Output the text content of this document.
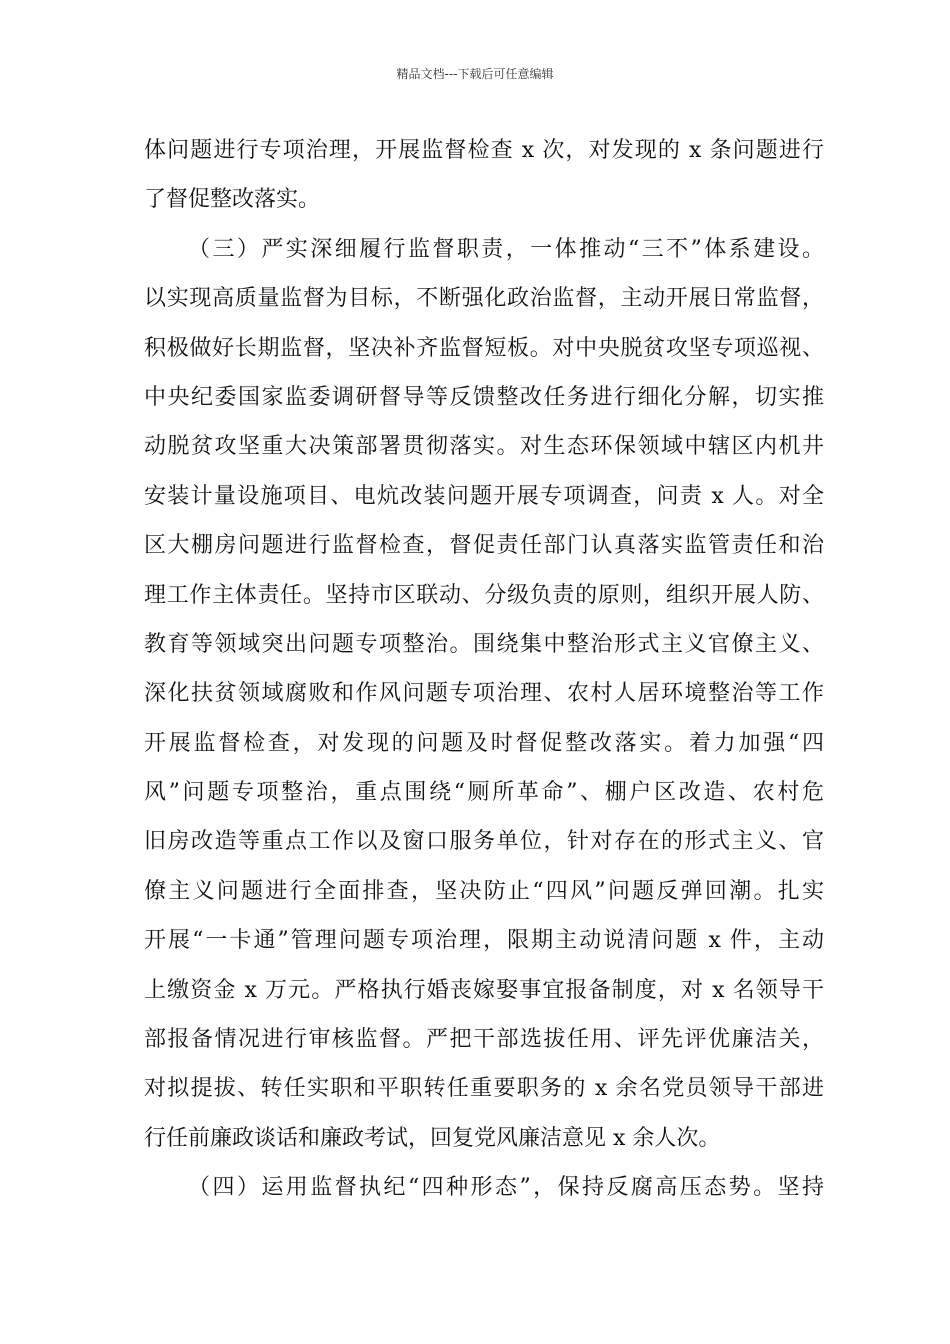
精品文档---下载后可任意编辑
体问题进行专项治理，开展监督检查 x 次，对发现的 x 条问题进行
了督促整改落实。
（三）严实深细履行监督职责，一体推动“三不”体系建设。
以实现高质量监督为目标，不断强化政治监督，主动开展日常监督，
积极做好长期监督，坚决补齐监督短板。对中央脱贫攻坚专项巡视、
中央纪委国家监委调研督导等反馈整改任务进行细化分解，切实推
动脱贫攻坚重大决策部署贯彻落实。对生态环保领域中辖区内机井
安装计量设施项目、电炕改装问题开展专项调查，问责 x 人。对全
区大棚房问题进行监督检查，督促责任部门认真落实监管责任和治
理工作主体责任。坚持市区联动、分级负责的原则，组织开展人防、
教育等领域突出问题专项整治。围绕集中整治形式主义官僚主义、
深化扶贫领域腐败和作风问题专项治理、农村人居环境整治等工作
开展监督检查，对发现的问题及时督促整改落实。着力加强“四
风”问题专项整治，重点围绕“厕所革命”、棚户区改造、农村危
旧房改造等重点工作以及窗口服务单位，针对存在的形式主义、官
僚主义问题进行全面排查，坚决防止“四风”问题反弹回潮。扎实
开展“一卡通”管理问题专项治理，限期主动说清问题 x 件，主动
上缴资金 x 万元。严格执行婚丧嫁娶事宜报备制度，对 x 名领导干
部报备情况进行审核监督。严把干部选拔任用、评先评优廉洁关，
对拟提拔、转任实职和平职转任重要职务的 x 余名党员领导干部进
行任前廉政谈话和廉政考试，回复党风廉洁意见 x 余人次。
（四）运用监督执纪“四种形态”，保持反腐高压态势。坚持
